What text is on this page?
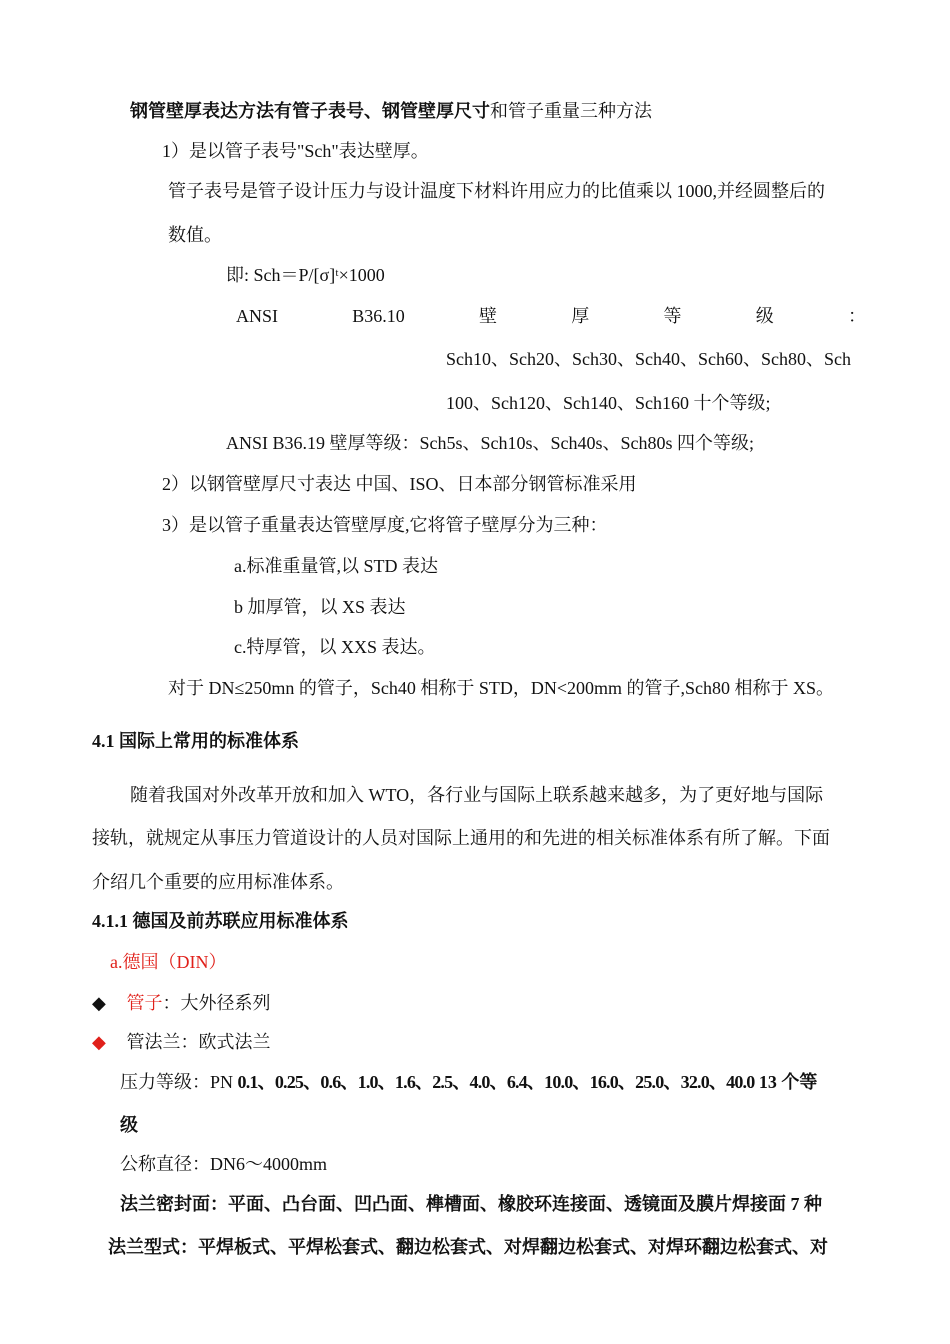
钢管壁厚表达方法有管子表号、钢管壁厚尺寸和管子重量三种方法
1）是以管子表号"Sch"表达壁厚。
管子表号是管子设计压力与设计温度下材料许用应力的比值乘以 1000,并经圆整后的
数值。
即: Sch＝P/[σ]ᵗ×1000
ANSI	B36.10	壁	厚	等	级	：
Sch10、Sch20、Sch30、Sch40、Sch60、Sch80、Sch
100、Sch120、Sch140、Sch160 十个等级;
ANSI B36.19 壁厚等级：Sch5s、Sch10s、Sch40s、Sch80s 四个等级;
2）以钢管壁厚尺寸表达 中国、ISO、日本部分钢管标准采用
3）是以管子重量表达管壁厚度,它将管子壁厚分为三种：
a.标准重量管,以 STD 表达
b 加厚管，以 XS 表达
c.特厚管，以 XXS 表达。
对于 DN≤250mn 的管子，Sch40 相称于 STD，DN<200mm 的管子,Sch80 相称于 XS。
4.1 国际上常用的标准体系
随着我国对外改革开放和加入 WTO，各行业与国际上联系越来越多，为了更好地与国际
接轨，就规定从事压力管道设计的人员对国际上通用的和先进的相关标准体系有所了解。下面
介绍几个重要的应用标准体系。
4.1.1 德国及前苏联应用标准体系
a.德国（DIN）
◆ 管子：大外径系列
◆ 管法兰：欧式法兰
压力等级：PN 0.1、0.25、0.6、1.0、1.6、2.5、4.0、6.4、10.0、16.0、25.0、32.0、40.0 13 个等
级
公称直径：DN6～4000mm
法兰密封面：平面、凸台面、凹凸面、榫槽面、橡胶环连接面、透镜面及膜片焊接面 7 种
法兰型式：平焊板式、平焊松套式、翻边松套式、对焊翻边松套式、对焊环翻边松套式、对
